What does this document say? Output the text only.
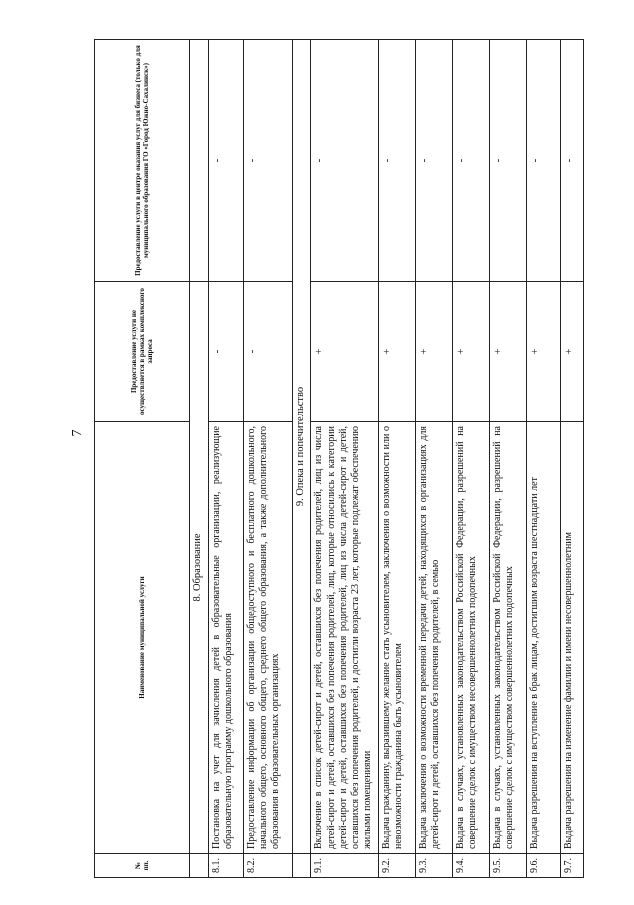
7
№ пп.	Наименование муниципальной услуги	Предоставление услуги не осуществляется в рамках комплексного запроса	Предоставление услуги в центре оказания услуг для бизнеса (только для муниципального образования ГО «Город Южно-Сахалинск»)
	8. Образование		
8.1.	Постановка на учет для зачисления детей в образовательные организации, реализующие образовательную программу дошкольного образования	-	-
8.2.	Предоставление информации об организации общедоступного и бесплатного дошкольного, начального общего, основного общего, среднего общего образования, а также дополнительного образования в образовательных организациях	-	-
	9. Опека и попечительство		
9.1.	Включение в список детей-сирот и детей, оставшихся без попечения родителей, лиц из числа детей-сирот и детей, оставшихся без попечения родителей, лиц, которые относились к категории детей-сирот и детей, оставшихся без попечения родителей, лиц из числа детей-сирот и детей, оставшихся без попечения родителей, и достигли возраста 23 лет, которые подлежат обеспечению жилыми помещениями	+	-
9.2.	Выдача гражданину, выразившему желание стать усыновителем, заключения о возможности или о невозможности гражданина быть усыновителем	+	-
9.3.	Выдача заключения о возможности временной передачи детей, находящихся в организациях для детей-сирот и детей, оставшихся без попечения родителей, в семью	+	-
9.4.	Выдача в случаях, установленных законодательством Российской Федерации, разрешений на совершение сделок с имуществом несовершеннолетних подопечных	+	-
9.5.	Выдача в случаях, установленных законодательством Российской Федерации, разрешений на совершение сделок с имуществом совершеннолетних подопечных	+	-
9.6.	Выдача разрешения на вступление в брак лицам, достигшим возраста шестнадцати лет	+	-
9.7.	Выдача разрешения на изменение фамилии и имени несовершеннолетним	+	-
